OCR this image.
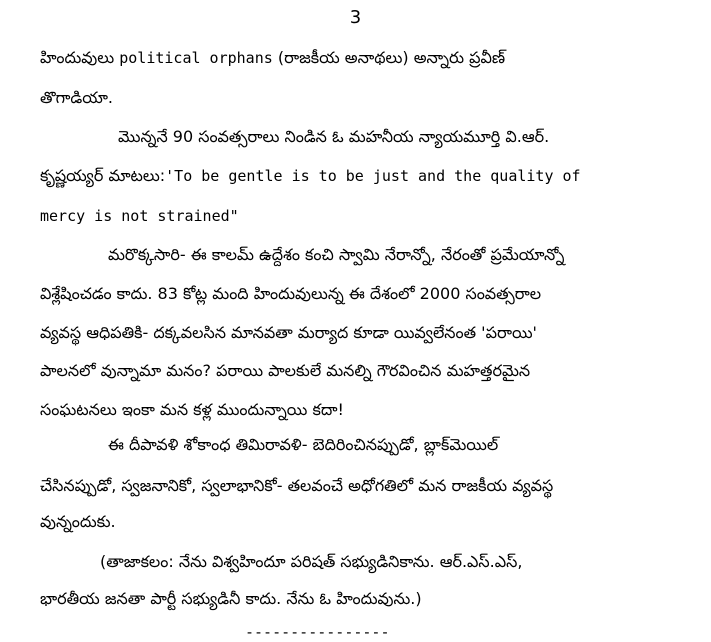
3
హిందువులు political orphans (రాజకీయ అనాథలు) అన్నారు ప్రవీణ్
తొగాడియా.
మొన్ననే 90 సంవత్సరాలు నిండిన ఓ మహనీయ న్యాయమూర్తి వి.ఆర్.
కృష్ణయ్యర్ మాటలు:'To be gentle is to be just and the quality of
mercy is not strained"
మరొక్కసారి- ఈ కాలమ్ ఉద్దేశం కంచి స్వామి నేరాన్నో, నేరంతో ప్రమేయాన్నో
విశ్లేషించడం కాదు. 83 కోట్ల మంది హిందువులున్న ఈ దేశంలో 2000 సంవత్సరాల
వ్యవస్థ ఆధిపతికి- దక్కవలసిన మానవతా మర్యాద కూడా యివ్వలేనంత 'పరాయి'
పాలనలో వున్నామా మనం? పరాయి పాలకులే మనల్ని గౌరవించిన మహత్తరమైన
సంఘటనలు ఇంకా మన కళ్ల ముందున్నాయి కదా!
ఈ దీపావళి శోకాంధ తిమిరావళి- బెదిరించినప్పుడో, బ్లాక్‌మెయిల్
చేసినప్పుడో, స్వజనానికో, స్వలాభానికో- తలవంచే అధోగతిలో మన రాజకీయ వ్యవస్థ
వున్నందుకు.
(తాజాకలం: నేను విశ్వహిందూ పరిషత్ సభ్యుడినికాను. ఆర్.ఎస్.ఎస్,
భారతీయ జనతా పార్టీ సభ్యుడినీ కాదు. నేను ఓ హిందువును.)
----------------
